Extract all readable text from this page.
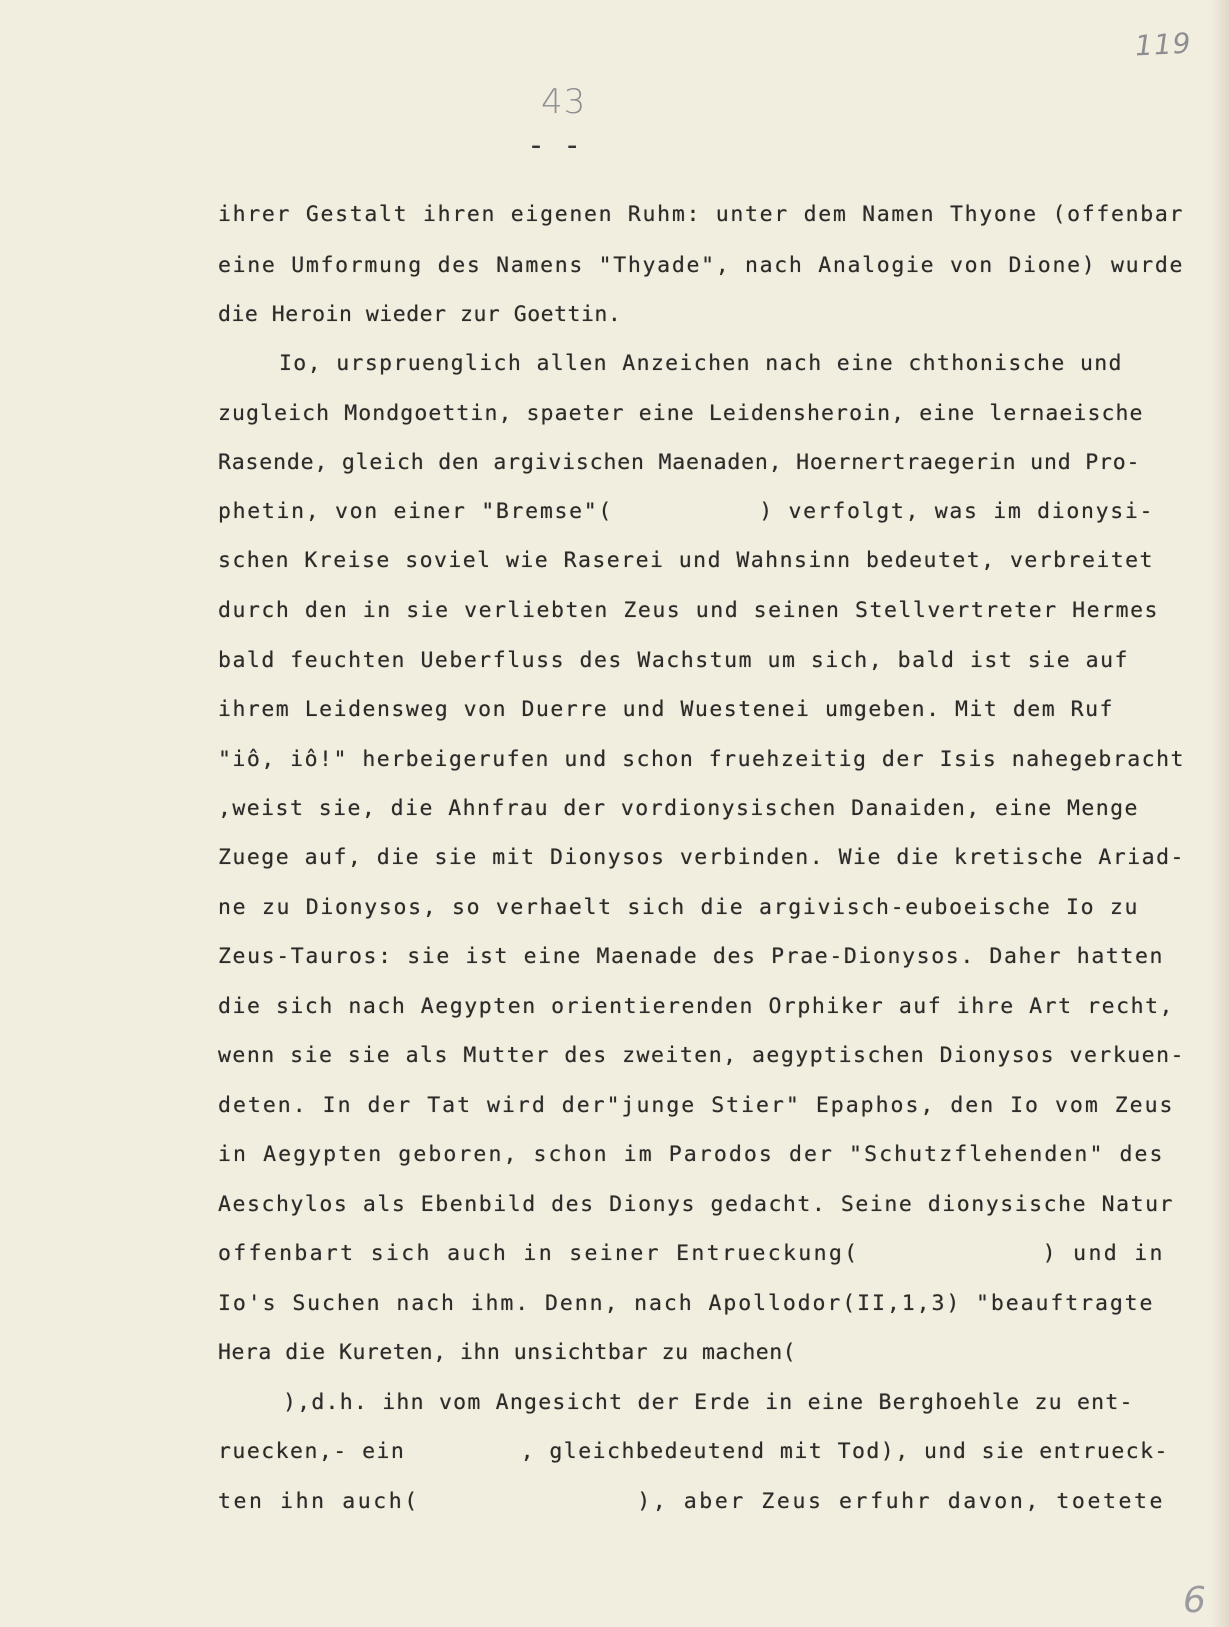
119
43
- -
ihrer Gestalt ihren eigenen Ruhm: unter dem Namen Thyone (offenbar
eine Umformung des Namens "Thyade", nach Analogie von Dione) wurde
die Heroin wieder zur Goettin.
Io, urspruenglich allen Anzeichen nach eine chthonische und
zugleich Mondgoettin, spaeter eine Leidensheroin, eine lernaeische
Rasende, gleich den argivischen Maenaden, Hoernertraegerin und Pro-
phetin, von einer "Bremse"(          ) verfolgt, was im dionysi-
schen Kreise soviel wie Raserei und Wahnsinn bedeutet, verbreitet
durch den in sie verliebten Zeus und seinen Stellvertreter Hermes
bald feuchten Ueberfluss des Wachstum um sich, bald ist sie auf
ihrem Leidensweg von Duerre und Wuestenei umgeben. Mit dem Ruf
"iô, iô!" herbeigerufen und schon fruehzeitig der Isis nahegebracht
,weist sie, die Ahnfrau der vordionysischen Danaiden, eine Menge
Zuege auf, die sie mit Dionysos verbinden. Wie die kretische Ariad-
ne zu Dionysos, so verhaelt sich die argivisch-euboeische Io zu
Zeus-Tauros: sie ist eine Maenade des Prae-Dionysos. Daher hatten
die sich nach Aegypten orientierenden Orphiker auf ihre Art recht,
wenn sie sie als Mutter des zweiten, aegyptischen Dionysos verkuen-
deten. In der Tat wird der"junge Stier" Epaphos, den Io vom Zeus
in Aegypten geboren, schon im Parodos der "Schutzflehenden" des
Aeschylos als Ebenbild des Dionys gedacht. Seine dionysische Natur
offenbart sich auch in seiner Entrueckung(            ) und in
Io's Suchen nach ihm. Denn, nach Apollodor(II,1,3) "beauftragte
Hera die Kureten, ihn unsichtbar zu machen(
),d.h. ihn vom Angesicht der Erde in eine Berghoehle zu ent-
ruecken,- ein        , gleichbedeutend mit Tod), und sie entrueck-
ten ihn auch(              ), aber Zeus erfuhr davon, toetete
6
